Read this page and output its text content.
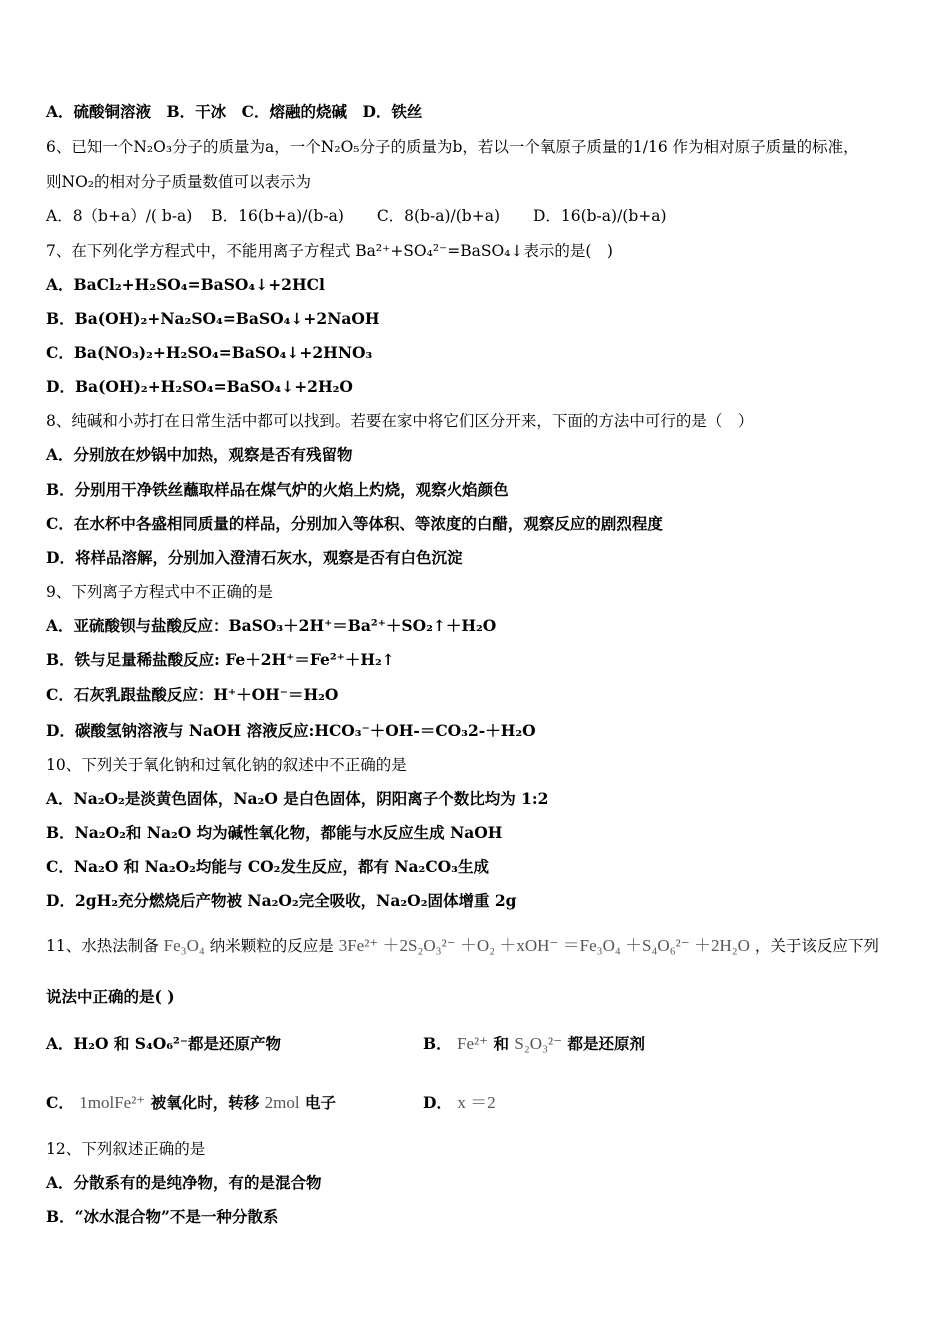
A．硫酸铜溶液　B．干冰　C．熔融的烧碱　D．铁丝
6、已知一个N₂O₃分子的质量为a，一个N₂O₅分子的质量为b，若以一个氧原子质量的1/16 作为相对原子质量的标准，
则NO₂的相对分子质量数值可以表示为
A．8（b+a）/( b-a) B．16(b+a)/(b-a) C．8(b-a)/(b+a) D．16(b-a)/(b+a)
7、在下列化学方程式中，不能用离子方程式 Ba²⁺+SO₄²⁻=BaSO₄↓表示的是(　)
A．BaCl₂+H₂SO₄=BaSO₄↓+2HCl
B．Ba(OH)₂+Na₂SO₄=BaSO₄↓+2NaOH
C．Ba(NO₃)₂+H₂SO₄=BaSO₄↓+2HNO₃
D．Ba(OH)₂+H₂SO₄=BaSO₄↓+2H₂O
8、纯碱和小苏打在日常生活中都可以找到。若要在家中将它们区分开来，下面的方法中可行的是（　）
A．分别放在炒锅中加热，观察是否有残留物
B．分别用干净铁丝蘸取样品在煤气炉的火焰上灼烧，观察火焰颜色
C．在水杯中各盛相同质量的样品，分别加入等体积、等浓度的白醋，观察反应的剧烈程度
D．将样品溶解，分别加入澄清石灰水，观察是否有白色沉淀
9、下列离子方程式中不正确的是
A．亚硫酸钡与盐酸反应：BaSO₃＋2H⁺＝Ba²⁺＋SO₂↑＋H₂O
B．铁与足量稀盐酸反应: Fe＋2H⁺＝Fe²⁺＋H₂↑
C．石灰乳跟盐酸反应：H⁺＋OH⁻＝H₂O
D．碳酸氢钠溶液与 NaOH 溶液反应:HCO₃⁻＋OH-＝CO₃2-＋H₂O
10、下列关于氧化钠和过氧化钠的叙述中不正确的是
A．Na₂O₂是淡黄色固体，Na₂O 是白色固体，阴阳离子个数比均为 1:2
B．Na₂O₂和 Na₂O 均为碱性氧化物，都能与水反应生成 NaOH
C．Na₂O 和 Na₂O₂均能与 CO₂发生反应，都有 Na₂CO₃生成
D．2gH₂充分燃烧后产物被 Na₂O₂完全吸收，Na₂O₂固体增重 2g
11、水热法制备 Fe₃O₄ 纳米颗粒的反应是 3Fe²⁺ ＋2S₂O₃²⁻ ＋O₂ ＋xOH⁻ ＝Fe₃O₄ ＋S₄O₆²⁻ ＋2H₂O ，关于该反应下列
说法中正确的是( )
A．H₂O 和 S₄O₆²⁻都是还原产物	B． Fe²⁺ 和 S₂O₃²⁻ 都是还原剂
C． 1molFe²⁺ 被氧化时，转移 2mol 电子	D． x ＝2
12、下列叙述正确的是
A．分散系有的是纯净物，有的是混合物
B．“冰水混合物”不是一种分散系
